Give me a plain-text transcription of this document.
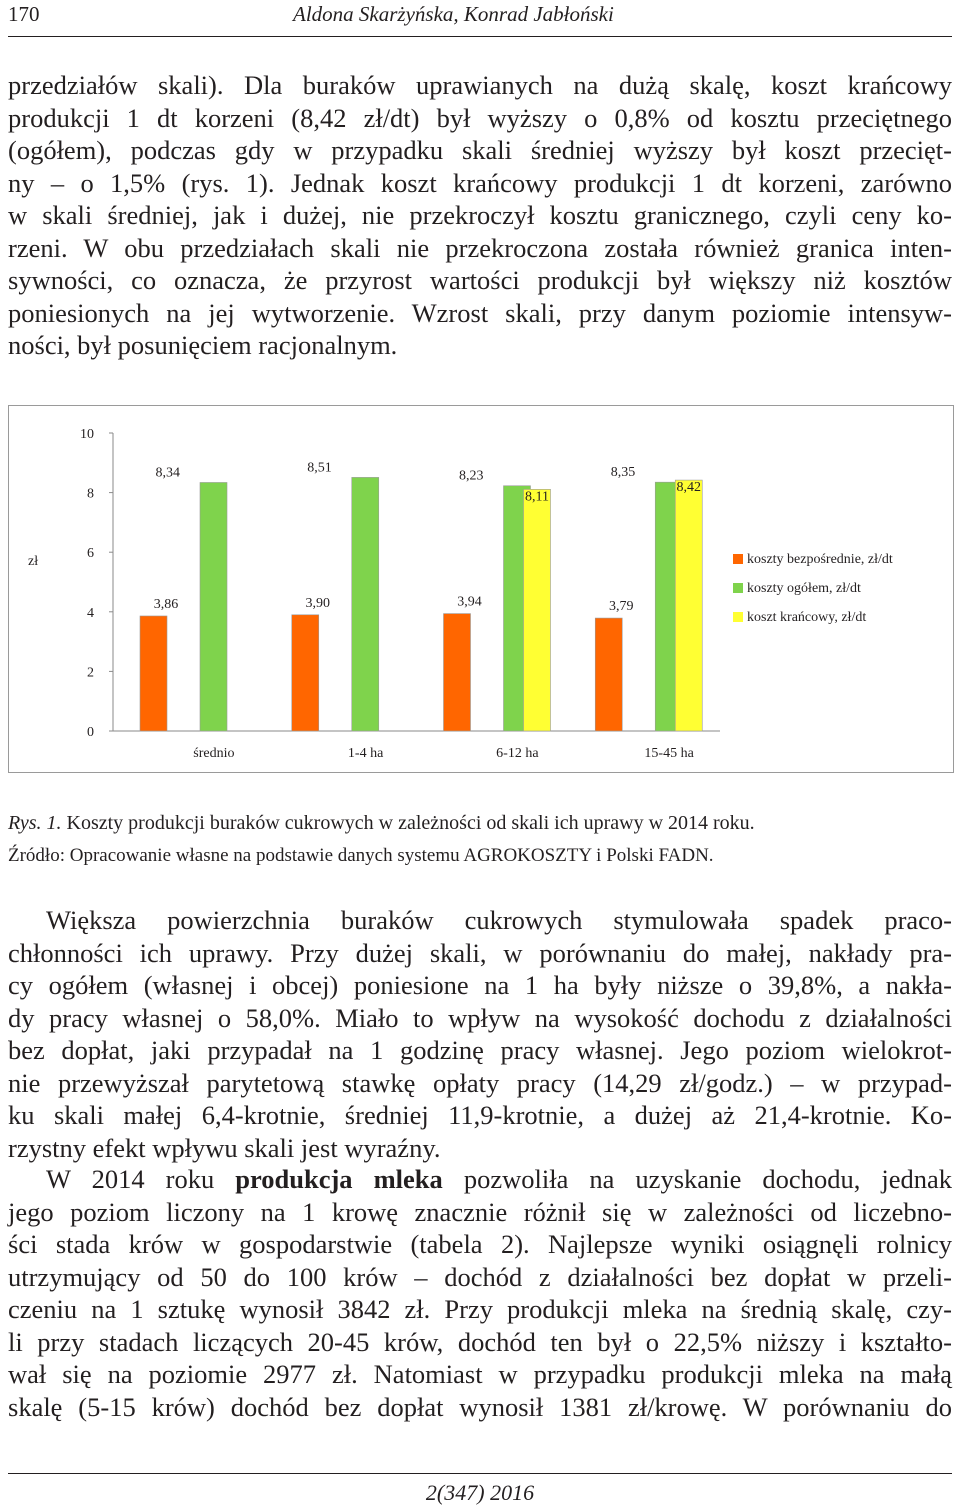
170	Aldona Skarżyńska, Konrad Jabłoński
przedziałów skali). Dla buraków uprawianych na dużą skalę, koszt krańcowy
produkcji 1 dt korzeni (8,42 zł/dt) był wyższy o 0,8% od kosztu przeciętnego
(ogółem), podczas gdy w przypadku skali średniej wyższy był koszt przecięt-
ny – o 1,5% (rys. 1). Jednak koszt krańcowy produkcji 1 dt korzeni, zarówno
w skali średniej, jak i dużej, nie przekroczył kosztu granicznego, czyli ceny ko-
rzeni. W obu przedziałach skali nie przekroczona została również granica inten-
sywności, co oznacza, że przyrost wartości produkcji był większy niż kosztów
poniesionych na jej wytworzenie. Wzrost skali, przy danym poziomie intensyw-
ności, był posunięciem racjonalnym.
0
2
4
6
8
10
zł
3,86
8,34
średnio
3,90
8,51
1-4 ha
3,94
8,23
8,11
6-12 ha
3,79
8,35
8,42
15-45 ha
koszty bezpośrednie, zł/dt
koszty ogółem, zł/dt
koszt krańcowy, zł/dt
Rys. 1. Koszty produkcji buraków cukrowych w zależności od skali ich uprawy w 2014 roku.
Źródło: Opracowanie własne na podstawie danych systemu AGROKOSZTY i Polski FADN.
Większa powierzchnia buraków cukrowych stymulowała spadek praco-
chłonności ich uprawy. Przy dużej skali, w porównaniu do małej, nakłady pra-
cy ogółem (własnej i obcej) poniesione na 1 ha były niższe o 39,8%, a nakła-
dy pracy własnej o 58,0%. Miało to wpływ na wysokość dochodu z działalności
bez dopłat, jaki przypadał na 1 godzinę pracy własnej. Jego poziom wielokrot-
nie przewyższał parytetową stawkę opłaty pracy (14,29 zł/godz.) – w przypad-
ku skali małej 6,4-krotnie, średniej 11,9-krotnie, a dużej aż 21,4-krotnie. Ko-
rzystny efekt wpływu skali jest wyraźny.
W 2014 roku produkcja mleka pozwoliła na uzyskanie dochodu, jednak
jego poziom liczony na 1 krowę znacznie różnił się w zależności od liczebno-
ści stada krów w gospodarstwie (tabela 2). Najlepsze wyniki osiągnęli rolnicy
utrzymujący od 50 do 100 krów – dochód z działalności bez dopłat w przeli-
czeniu na 1 sztukę wynosił 3842 zł. Przy produkcji mleka na średnią skalę, czy-
li przy stadach liczących 20-45 krów, dochód ten był o 22,5% niższy i kształto-
wał się na poziomie 2977 zł. Natomiast w przypadku produkcji mleka na małą
skalę (5-15 krów) dochód bez dopłat wynosił 1381 zł/krowę. W porównaniu do
2(347) 2016
